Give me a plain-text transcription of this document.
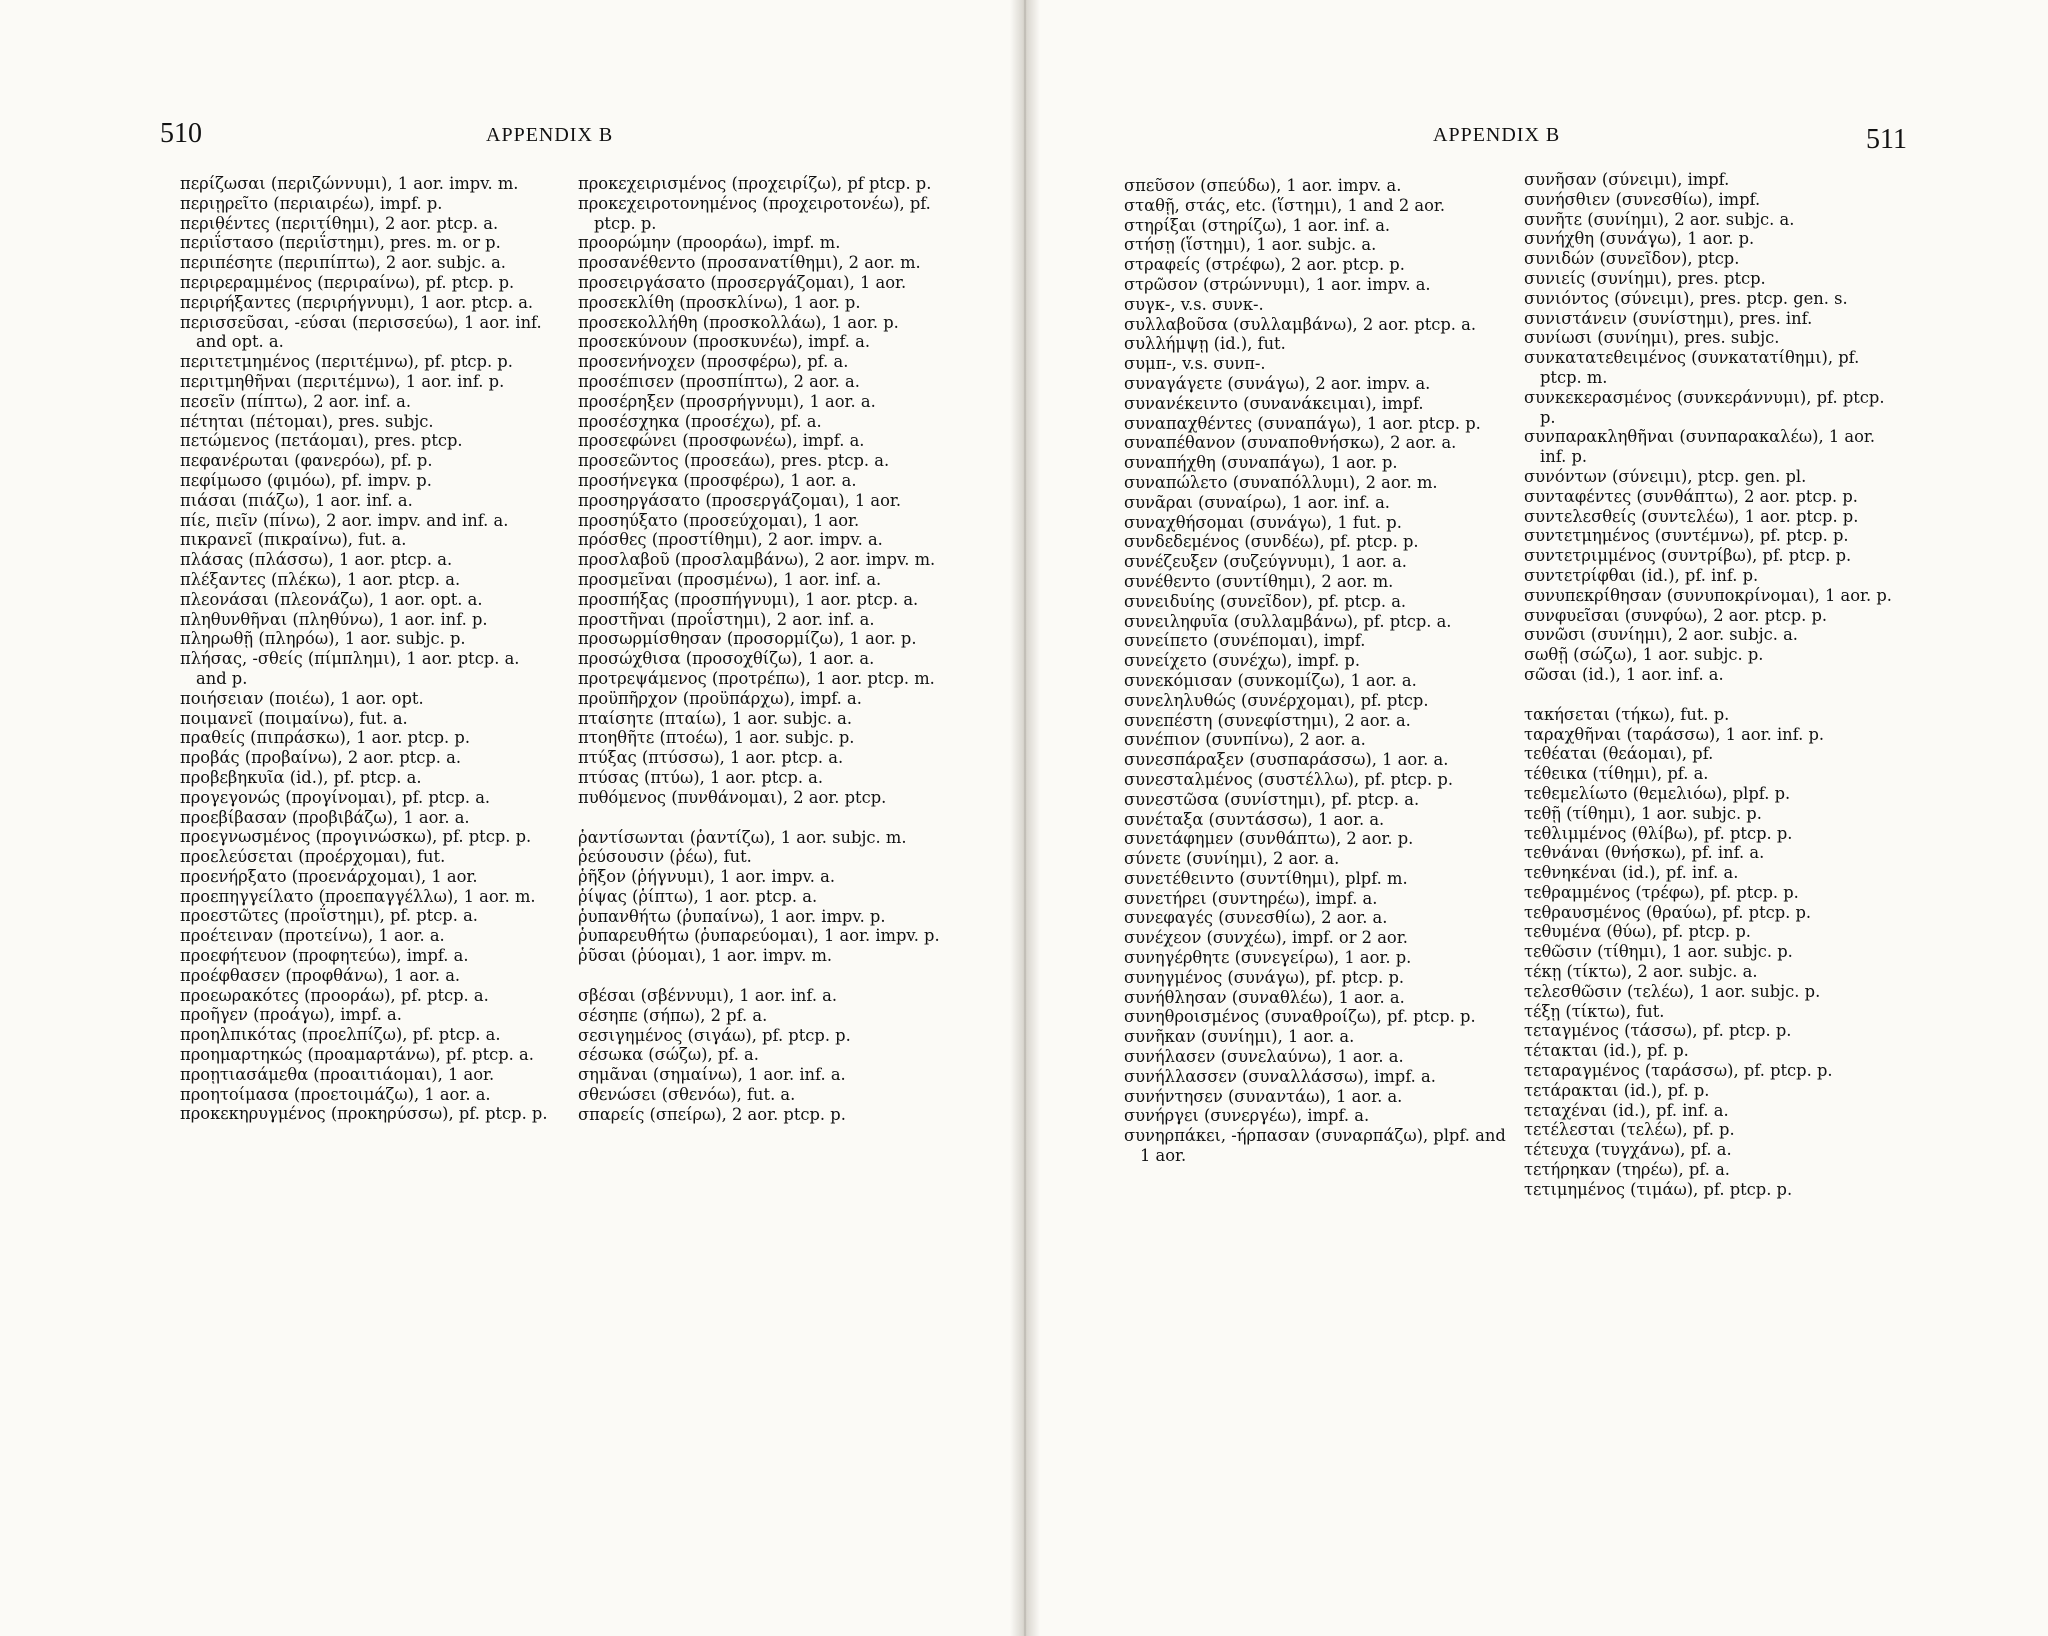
510	APPENDIX B

περίζωσαι (περιζώννυμι), 1 aor. impv. m.

περιῃρεῖτο (περιαιρέω), impf. p.

περιθέντες (περιτίθημι), 2 aor. ptcp. a.

περιΐστασο (περιΐστημι), pres. m. or p.

περιπέσητε (περιπίπτω), 2 aor. subjc. a.

περιρεραμμένος (περιραίνω), pf. ptcp. p.

περιρήξαντες (περιρήγνυμι), 1 aor. ptcp. a.

περισσεῦσαι, -εύσαι (περισσεύω), 1 aor. inf. and opt. a.

περιτετμημένος (περιτέμνω), pf. ptcp. p.

περιτμηθῆναι (περιτέμνω), 1 aor. inf. p.

πεσεῖν (πίπτω), 2 aor. inf. a.

πέτηται (πέτομαι), pres. subjc.

πετώμενος (πετάομαι), pres. ptcp.

πεφανέρωται (φανερόω), pf. p.

πεφίμωσο (φιμόω), pf. impv. p.

πιάσαι (πιάζω), 1 aor. inf. a.

πίε, πιεῖν (πίνω), 2 aor. impv. and inf. a.

πικρανεῖ (πικραίνω), fut. a.

πλάσας (πλάσσω), 1 aor. ptcp. a.

πλέξαντες (πλέκω), 1 aor. ptcp. a.

πλεονάσαι (πλεονάζω), 1 aor. opt. a.

πληθυνθῆναι (πληθύνω), 1 aor. inf. p.

πληρωθῇ (πληρόω), 1 aor. subjc. p.

πλήσας, -σθείς (πίμπλημι), 1 aor. ptcp. a. and p.

ποιήσειαν (ποιέω), 1 aor. opt.

ποιμανεῖ (ποιμαίνω), fut. a.

πραθείς (πιπράσκω), 1 aor. ptcp. p.

προβάς (προβαίνω), 2 aor. ptcp. a.

προβεβηκυῖα (id.), pf. ptcp. a.

προγεγονώς (προγίνομαι), pf. ptcp. a.

προεβίβασαν (προβιβάζω), 1 aor. a.

προεγνωσμένος (προγινώσκω), pf. ptcp. p.

προελεύσεται (προέρχομαι), fut.

προενήρξατο (προενάρχομαι), 1 aor.

προεπηγγείλατο (προεπαγγέλλω), 1 aor. m.

προεστῶτες (προΐστημι), pf. ptcp. a.

προέτειναν (προτείνω), 1 aor. a.

προεφήτευον (προφητεύω), impf. a.

προέφθασεν (προφθάνω), 1 aor. a.

προεωρακότες (προοράω), pf. ptcp. a.

προῆγεν (προάγω), impf. a.

προηλπικότας (προελπίζω), pf. ptcp. a.

προημαρτηκώς (προαμαρτάνω), pf. ptcp. a.

προῃτιασάμεθα (προαιτιάομαι), 1 aor.

προητοίμασα (προετοιμάζω), 1 aor. a.

προκεκηρυγμένος (προκηρύσσω), pf. ptcp. p.

προκεχειρισμένος (προχειρίζω), pf ptcp. p.

προκεχειροτονημένος (προχειροτονέω), pf. ptcp. p.

προορώμην (προοράω), impf. m.

προσανέθεντο (προσανατίθημι), 2 aor. m.

προσειργάσατο (προσεργάζομαι), 1 aor.

προσεκλίθη (προσκλίνω), 1 aor. p.

προσεκολλήθη (προσκολλάω), 1 aor. p.

προσεκύνουν (προσκυνέω), impf. a.

προσενήνοχεν (προσφέρω), pf. a.

προσέπισεν (προσπίπτω), 2 aor. a.

προσέρηξεν (προσρήγνυμι), 1 aor. a.

προσέσχηκα (προσέχω), pf. a.

προσεφώνει (προσφωνέω), impf. a.

προσεῶντος (προσεάω), pres. ptcp. a.

προσήνεγκα (προσφέρω), 1 aor. a.

προσηργάσατο (προσεργάζομαι), 1 aor.

προσηύξατο (προσεύχομαι), 1 aor.

πρόσθες (προστίθημι), 2 aor. impv. a.

προσλαβοῦ (προσλαμβάνω), 2 aor. impv. m.

προσμεῖναι (προσμένω), 1 aor. inf. a.

προσπήξας (προσπήγνυμι), 1 aor. ptcp. a.

προστῆναι (προΐστημι), 2 aor. inf. a.

προσωρμίσθησαν (προσορμίζω), 1 aor. p.

προσώχθισα (προσοχθίζω), 1 aor. a.

προτρεψάμενος (προτρέπω), 1 aor. ptcp. m.

προϋπῆρχον (προϋπάρχω), impf. a.

πταίσητε (πταίω), 1 aor. subjc. a.

πτοηθῆτε (πτοέω), 1 aor. subjc. p.

πτύξας (πτύσσω), 1 aor. ptcp. a.

πτύσας (πτύω), 1 aor. ptcp. a.

πυθόμενος (πυνθάνομαι), 2 aor. ptcp.

ῥαντίσωνται (ῥαντίζω), 1 aor. subjc. m.

ῥεύσουσιν (ῥέω), fut.

ῥῆξον (ῥήγνυμι), 1 aor. impv. a.

ῥίψας (ῥίπτω), 1 aor. ptcp. a.

ῥυπανθήτω (ῥυπαίνω), 1 aor. impv. p.

ῥυπαρευθήτω (ῥυπαρεύομαι), 1 aor. impv. p.

ῥῦσαι (ῥύομαι), 1 aor. impv. m.

σβέσαι (σβέννυμι), 1 aor. inf. a.

σέσηπε (σήπω), 2 pf. a.

σεσιγημένος (σιγάω), pf. ptcp. p.

σέσωκα (σώζω), pf. a.

σημᾶναι (σημαίνω), 1 aor. inf. a.

σθενώσει (σθενόω), fut. a.

σπαρείς (σπείρω), 2 aor. ptcp. p.

APPENDIX B	511

σπεῦσον (σπεύδω), 1 aor. impv. a.

σταθῇ, στάς, etc. (ἵστημι), 1 and 2 aor.

στηρίξαι (στηρίζω), 1 aor. inf. a.

στήσῃ (ἵστημι), 1 aor. subjc. a.

στραφείς (στρέφω), 2 aor. ptcp. p.

στρῶσον (στρώννυμι), 1 aor. impv. a.

συγκ-, v.s. συνκ-.

συλλαβοῦσα (συλλαμβάνω), 2 aor. ptcp. a.

συλλήμψῃ (id.), fut.

συμπ-, v.s. συνπ-.

συναγάγετε (συνάγω), 2 aor. impv. a.

συνανέκειντο (συνανάκειμαι), impf.

συναπαχθέντες (συναπάγω), 1 aor. ptcp. p.

συναπέθανον (συναποθνήσκω), 2 aor. a.

συναπήχθη (συναπάγω), 1 aor. p.

συναπώλετο (συναπόλλυμι), 2 aor. m.

συνᾶραι (συναίρω), 1 aor. inf. a.

συναχθήσομαι (συνάγω), 1 fut. p.

συνδεδεμένος (συνδέω), pf. ptcp. p.

συνέζευξεν (συζεύγνυμι), 1 aor. a.

συνέθεντο (συντίθημι), 2 aor. m.

συνειδυίης (συνεῖδον), pf. ptcp. a.

συνειληφυῖα (συλλαμβάνω), pf. ptcp. a.

συνείπετο (συνέπομαι), impf.

συνείχετο (συνέχω), impf. p.

συνεκόμισαν (συνκομίζω), 1 aor. a.

συνεληλυθώς (συνέρχομαι), pf. ptcp.

συνεπέστη (συνεφίστημι), 2 aor. a.

συνέπιον (συνπίνω), 2 aor. a.

συνεσπάραξεν (συσπαράσσω), 1 aor. a.

συνεσταλμένος (συστέλλω), pf. ptcp. p.

συνεστῶσα (συνίστημι), pf. ptcp. a.

συνέταξα (συντάσσω), 1 aor. a.

συνετάφημεν (συνθάπτω), 2 aor. p.

σύνετε (συνίημι), 2 aor. a.

συνετέθειντο (συντίθημι), plpf. m.

συνετήρει (συντηρέω), impf. a.

συνεφαγές (συνεσθίω), 2 aor. a.

συνέχεον (συνχέω), impf. or 2 aor.

συνηγέρθητε (συνεγείρω), 1 aor. p.

συνηγμένος (συνάγω), pf. ptcp. p.

συνήθλησαν (συναθλέω), 1 aor. a.

συνηθροισμένος (συναθροίζω), pf. ptcp. p.

συνῆκαν (συνίημι), 1 aor. a.

συνήλασεν (συνελαύνω), 1 aor. a.

συνήλλασσεν (συναλλάσσω), impf. a.

συνήντησεν (συναντάω), 1 aor. a.

συνήργει (συνεργέω), impf. a.

συνηρπάκει, -ήρπασαν (συναρπάζω), plpf. and 1 aor.

συνῆσαν (σύνειμι), impf.

συνήσθιεν (συνεσθίω), impf.

συνῆτε (συνίημι), 2 aor. subjc. a.

συνήχθη (συνάγω), 1 aor. p.

συνιδών (συνεῖδον), ptcp.

συνιείς (συνίημι), pres. ptcp.

συνιόντος (σύνειμι), pres. ptcp. gen. s.

συνιστάνειν (συνίστημι), pres. inf.

συνίωσι (συνίημι), pres. subjc.

συνκατατεθειμένος (συνκατατίθημι), pf. ptcp. m.

συνκεκερασμένος (συνκεράννυμι), pf. ptcp. p.

συνπαρακληθῆναι (συνπαρακαλέω), 1 aor. inf. p.

συνόντων (σύνειμι), ptcp. gen. pl.

συνταφέντες (συνθάπτω), 2 aor. ptcp. p.

συντελεσθείς (συντελέω), 1 aor. ptcp. p.

συντετμημένος (συντέμνω), pf. ptcp. p.

συντετριμμένος (συντρίβω), pf. ptcp. p.

συντετρίφθαι (id.), pf. inf. p.

συνυπεκρίθησαν (συνυποκρίνομαι), 1 aor. p.

συνφυεῖσαι (συνφύω), 2 aor. ptcp. p.

συνῶσι (συνίημι), 2 aor. subjc. a.

σωθῇ (σώζω), 1 aor. subjc. p.

σῶσαι (id.), 1 aor. inf. a.

τακήσεται (τήκω), fut. p.

ταραχθῆναι (ταράσσω), 1 aor. inf. p.

τεθέαται (θεάομαι), pf.

τέθεικα (τίθημι), pf. a.

τεθεμελίωτο (θεμελιόω), plpf. p.

τεθῇ (τίθημι), 1 aor. subjc. p.

τεθλιμμένος (θλίβω), pf. ptcp. p.

τεθνάναι (θνήσκω), pf. inf. a.

τεθνηκέναι (id.), pf. inf. a.

τεθραμμένος (τρέφω), pf. ptcp. p.

τεθραυσμένος (θραύω), pf. ptcp. p.

τεθυμένα (θύω), pf. ptcp. p.

τεθῶσιν (τίθημι), 1 aor. subjc. p.

τέκῃ (τίκτω), 2 aor. subjc. a.

τελεσθῶσιν (τελέω), 1 aor. subjc. p.

τέξῃ (τίκτω), fut.

τεταγμένος (τάσσω), pf. ptcp. p.

τέτακται (id.), pf. p.

τεταραγμένος (ταράσσω), pf. ptcp. p.

τετάρακται (id.), pf. p.

τεταχέναι (id.), pf. inf. a.

τετέλεσται (τελέω), pf. p.

τέτευχα (τυγχάνω), pf. a.

τετήρηκαν (τηρέω), pf. a.

τετιμημένος (τιμάω), pf. ptcp. p.
